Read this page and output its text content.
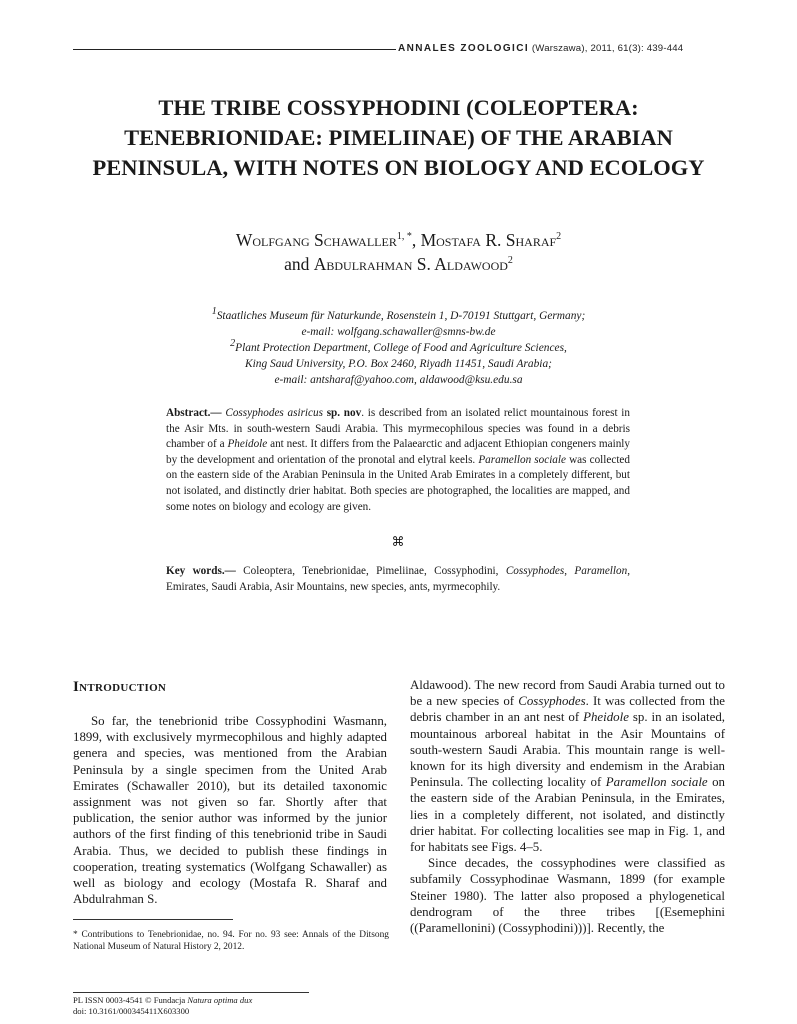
ANNALES ZOOLOGICI (Warszawa), 2011, 61(3): 439-444
THE TRIBE COSSYPHODINI (COLEOPTERA:
TENEBRIONIDAE: PIMELIINAE) OF THE ARABIAN
PENINSULA, WITH NOTES ON BIOLOGY AND ECOLOGY
Wolfgang Schawaller$^{1, *}$, Mostafa R. Sharaf$^2$
and Abdulrahman S. Aldawood$^2$
$^1$Staatliches Museum für Naturkunde, Rosenstein 1, D-70191 Stuttgart, Germany;
e-mail: wolfgang.schawaller@smns-bw.de
$^2$Plant Protection Department, College of Food and Agriculture Sciences,
King Saud University, P.O. Box 2460, Riyadh 11451, Saudi Arabia;
e-mail: antsharaf@yahoo.com, aldawood@ksu.edu.sa
Abstract.— Cossyphodes asiricus sp. nov. is described from an isolated relict mountainous forest in the Asir Mts. in south-western Saudi Arabia. This myrmecophilous species was found in a debris chamber of a Pheidole ant nest. It differs from the Palaearctic and adjacent Ethiopian congeners mainly by the development and orientation of the pronotal and elytral keels. Paramellon sociale was collected on the eastern side of the Arabian Peninsula in the United Arab Emirates in a completely different, but not isolated, and distinctly drier habitat. Both species are photographed, the localities are mapped, and some notes on biology and ecology are given.
⌘
Key words.— Coleoptera, Tenebrionidae, Pimeliinae, Cossyphodini, Cossyphodes, Paramellon, Emirates, Saudi Arabia, Asir Mountains, new species, ants, myrmecophily.
Introduction

So far, the tenebrionid tribe Cossyphodini Wasmann, 1899, with exclusively myrmecophilous and highly adapted genera and species, was mentioned from the Arabian Peninsula by a single specimen from the United Arab Emirates (Schawaller 2010), but its detailed taxonomic assignment was not given so far. Shortly after that publication, the senior author was informed by the junior authors of the first finding of this tenebrionid tribe in Saudi Arabia. Thus, we decided to publish these findings in cooperation, treating systematics (Wolfgang Schawaller) as well as biology and ecology (Mostafa R. Sharaf and Abdulrahman S.

Aldawood). The new record from Saudi Arabia turned out to be a new species of Cossyphodes. It was collected from the debris chamber in an ant nest of Pheidole sp. in an isolated, mountainous arboreal habitat in the Asir Mountains of south-western Saudi Arabia. This mountain range is well-known for its high diversity and endemism in the Arabian Peninsula. The collecting locality of Paramellon sociale on the eastern side of the Arabian Peninsula, in the Emirates, lies in a completely different, not isolated, and distinctly drier habitat. For collecting localities see map in Fig. 1, and for habitats see Figs. 4–5.

Since decades, the cossyphodines were classified as subfamily Cossyphodinae Wasmann, 1899 (for example Steiner 1980). The latter also proposed a phylogenetical dendrogram of the three tribes [(Esemephini ((Paramellonini) (Cossyphodini)))]. Recently, the

* Contributions to Tenebrionidae, no. 94. For no. 93 see: Annals of the Ditsong National Museum of Natural History 2, 2012.
PL ISSN 0003-4541 © Fundacja Natura optima dux
doi: 10.3161/000345411X603300
